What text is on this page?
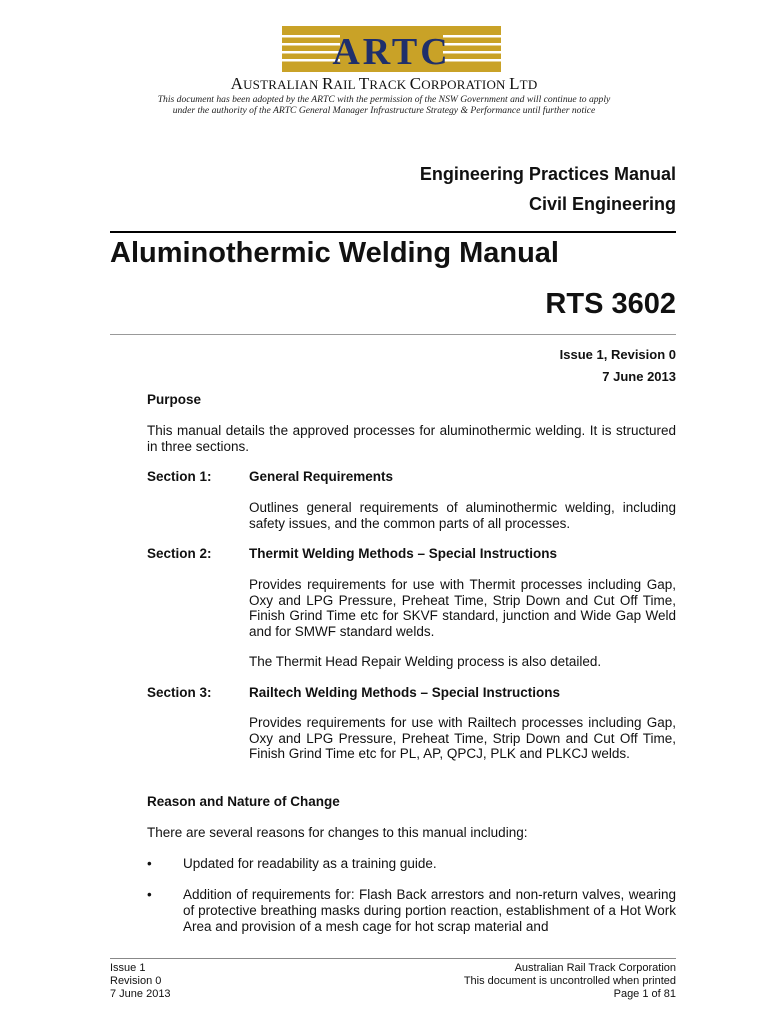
ARTC
AUSTRALIAN RAIL TRACK CORPORATION LTD
This document has been adopted by the ARTC with the permission of the NSW Government and will continue to apply under the authority of the ARTC General Manager Infrastructure Strategy & Performance until further notice
Engineering Practices Manual
Civil Engineering
Aluminothermic Welding Manual
RTS 3602
Issue 1, Revision 0
7 June 2013
Purpose
This manual details the approved processes for aluminothermic welding. It is structured in three sections.
Section 1:	General Requirements
Outlines general requirements of aluminothermic welding, including safety issues, and the common parts of all processes.
Section 2:	Thermit Welding Methods – Special Instructions
Provides requirements for use with Thermit processes including Gap, Oxy and LPG Pressure, Preheat Time, Strip Down and Cut Off Time, Finish Grind Time etc for SKVF standard, junction and Wide Gap Weld and for SMWF standard welds.
The Thermit Head Repair Welding process is also detailed.
Section 3:	Railtech Welding Methods – Special Instructions
Provides requirements for use with Railtech processes including Gap, Oxy and LPG Pressure, Preheat Time, Strip Down and Cut Off Time, Finish Grind Time etc for PL, AP, QPCJ, PLK and PLKCJ welds.
Reason and Nature of Change
There are several reasons for changes to this manual including:
• Updated for readability as a training guide.
• Addition of requirements for: Flash Back arrestors and non-return valves, wearing of protective breathing masks during portion reaction, establishment of a Hot Work Area and provision of a mesh cage for hot scrap material and
Issue 1
Revision 0
7 June 2013
Australian Rail Track Corporation
This document is uncontrolled when printed
Page 1 of 81
